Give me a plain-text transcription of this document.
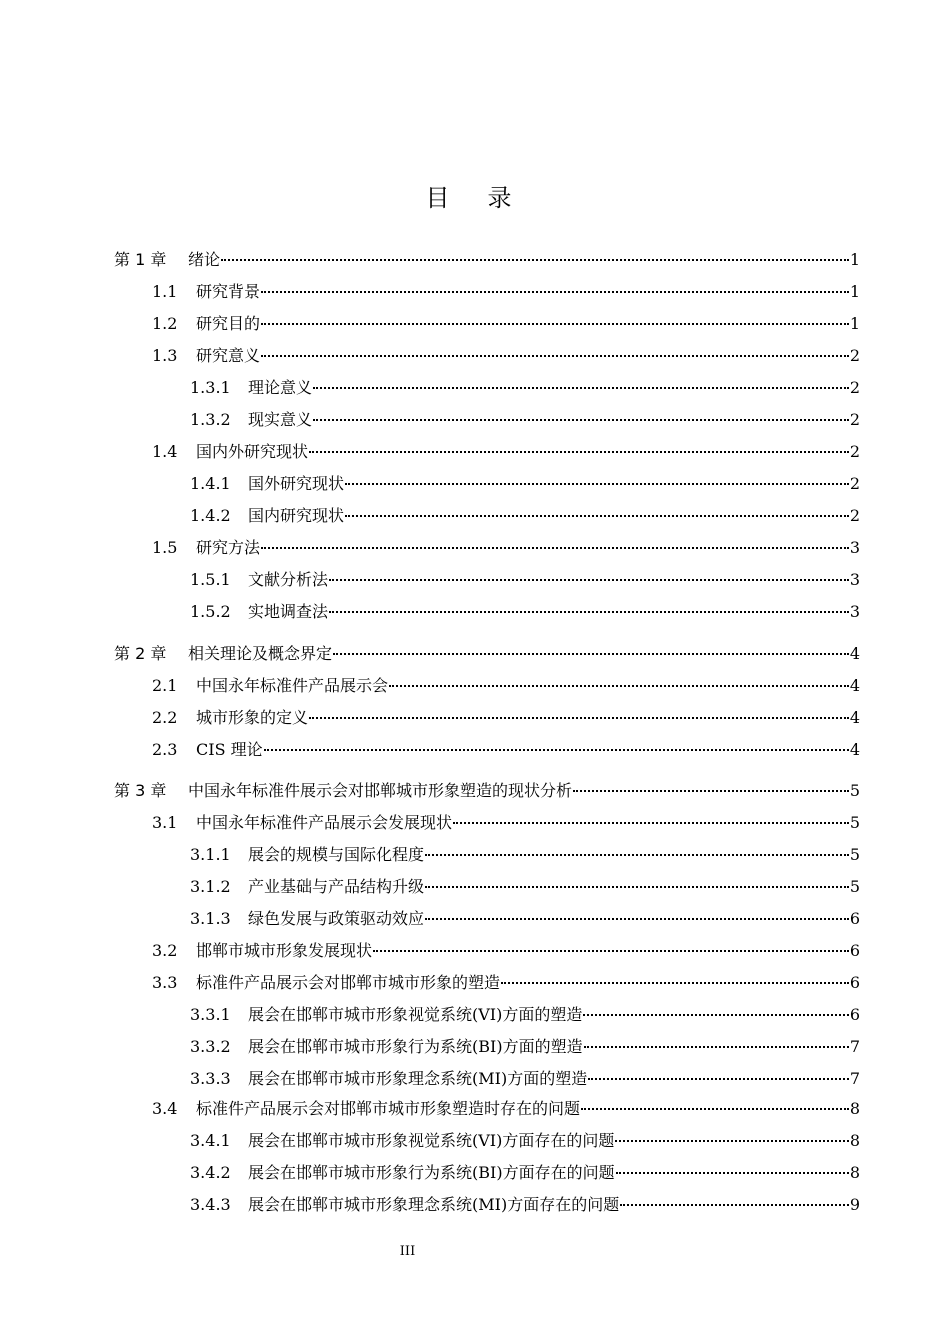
目录
第 1 章	绪论	1
1.1	研究背景	1
1.2	研究目的	1
1.3	研究意义	2
1.3.1	理论意义	2
1.3.2	现实意义	2
1.4	国内外研究现状	2
1.4.1	国外研究现状	2
1.4.2	国内研究现状	2
1.5	研究方法	3
1.5.1	文献分析法	3
1.5.2	实地调查法	3
第 2 章	相关理论及概念界定	4
2.1	中国永年标准件产品展示会	4
2.2	城市形象的定义	4
2.3	CIS 理论	4
第 3 章	中国永年标准件展示会对邯郸城市形象塑造的现状分析	5
3.1	中国永年标准件产品展示会发展现状	5
3.1.1	展会的规模与国际化程度	5
3.1.2	产业基础与产品结构升级	5
3.1.3	绿色发展与政策驱动效应	6
3.2	邯郸市城市形象发展现状	6
3.3	标准件产品展示会对邯郸市城市形象的塑造	6
3.3.1	展会在邯郸市城市形象视觉系统(VI)方面的塑造	6
3.3.2	展会在邯郸市城市形象行为系统(BI)方面的塑造	7
3.3.3	展会在邯郸市城市形象理念系统(MI)方面的塑造	7
3.4	标准件产品展示会对邯郸市城市形象塑造时存在的问题	8
3.4.1	展会在邯郸市城市形象视觉系统(VI)方面存在的问题	8
3.4.2	展会在邯郸市城市形象行为系统(BI)方面存在的问题	8
3.4.3	展会在邯郸市城市形象理念系统(MI)方面存在的问题	9
III
